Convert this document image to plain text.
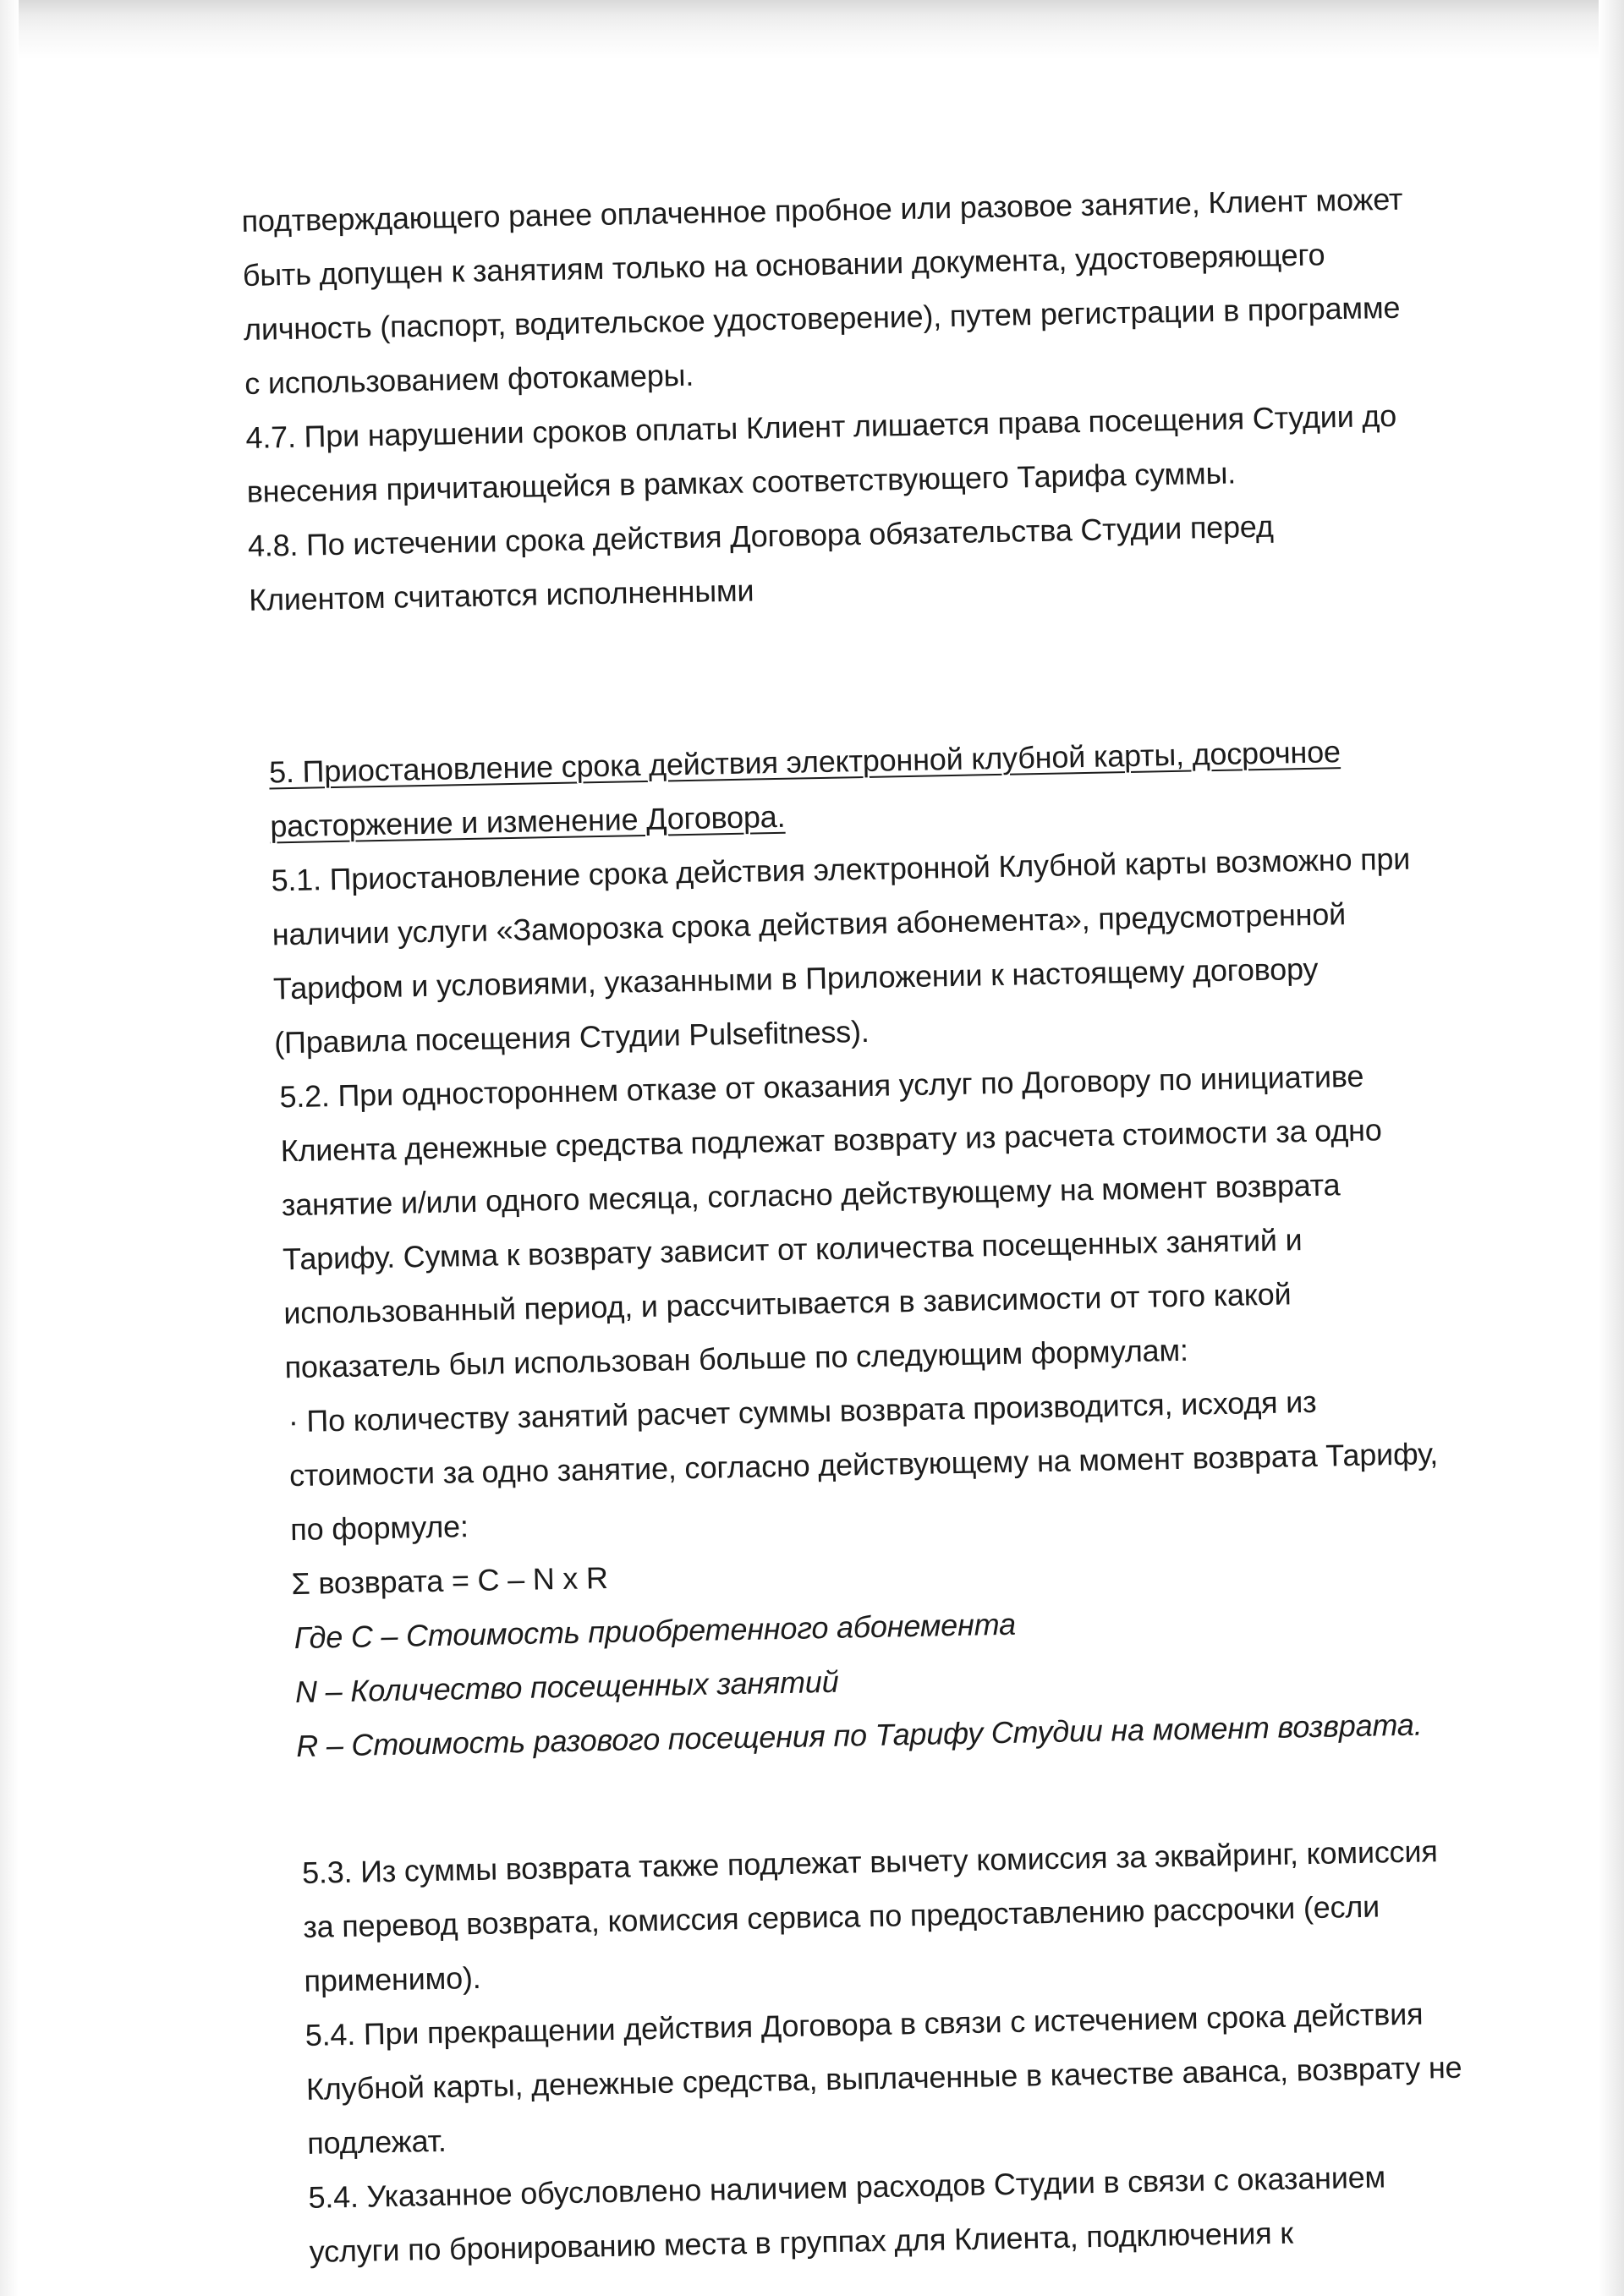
подтверждающего ранее оплаченное пробное или разовое занятие, Клиент может
быть допущен к занятиям только на основании документа, удостоверяющего
личность (паспорт, водительское удостоверение), путем регистрации в программе
с использованием фотокамеры.
4.7. При нарушении сроков оплаты Клиент лишается права посещения Студии до
внесения причитающейся в рамках соответствующего Тарифа суммы.
4.8. По истечении срока действия Договора обязательства Студии перед
Клиентом считаются исполненными
5. Приостановление срока действия электронной клубной карты, досрочное
расторжение и изменение Договора.
5.1. Приостановление срока действия электронной Клубной карты возможно при
наличии услуги «Заморозка срока действия абонемента», предусмотренной
Тарифом и условиями, указанными в Приложении к настоящему договору
(Правила посещения Студии Pulsefitness).
5.2. При одностороннем отказе от оказания услуг по Договору по инициативе
Клиента денежные средства подлежат возврату из расчета стоимости за одно
занятие и/или одного месяца, согласно действующему на момент возврата
Тарифу. Сумма к возврату зависит от количества посещенных занятий и
использованный период, и рассчитывается в зависимости от того какой
показатель был использован больше по следующим формулам:
· По количеству занятий расчет суммы возврата производится, исходя из
стоимости за одно занятие, согласно действующему на момент возврата Тарифу,
по формуле:
Σ возврата = C – N x R
Где C – Стоимость приобретенного абонемента
N – Количество посещенных занятий
R – Стоимость разового посещения по Тарифу Студии на момент возврата.
5.3. Из суммы возврата также подлежат вычету комиссия за эквайринг, комиссия
за перевод возврата, комиссия сервиса по предоставлению рассрочки (если
применимо).
5.4. При прекращении действия Договора в связи с истечением срока действия
Клубной карты, денежные средства, выплаченные в качестве аванса, возврату не
подлежат.
5.4. Указанное обусловлено наличием расходов Студии в связи с оказанием
услуги по бронированию места в группах для Клиента, подключения к
